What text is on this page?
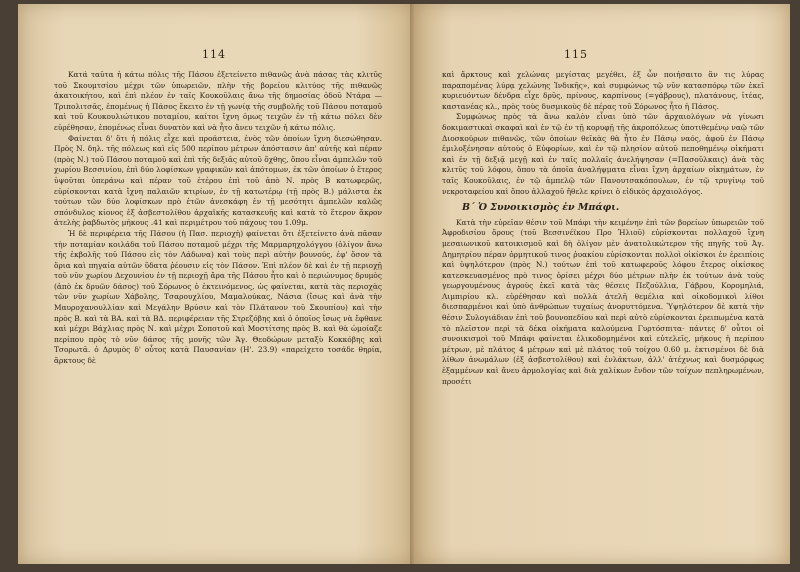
114

Κατά ταῦτα ἡ κάτω πόλις τῆς Πάσου ἐξετείνετο πιθανῶς ἀνὰ πάσας τὰς κλιτῦς τοῦ Σκουμτσίου μέχρι τῶν ὑπωρειῶν, πλὴν τῆς βορείου κλιτύος τῆς πιθανῶς ἀκατοικήτου, καὶ ἐπὶ πλέον ἐν ταῖς Κουκοῦλαις ἄνω τῆς δημοσίας ὁδοῦ Ντάρα — Τριπολιτσᾶς, ἐπομένως ἡ Πάσος ἔκειτο ἐν τῇ γωνίᾳ τῆς συμβολῆς τοῦ Πάσου ποταμοῦ καὶ τοῦ Κουκουλιώτικου ποταμίου, καίτοι ἴχνη ὁμως τειχῶν ἐν τῇ κάτω πόλει δὲν εὑρέθησαν, ἐπομένως εἶναι δυνατὸν καὶ νὰ ἦτο ἄνευ τειχῶν ἡ κάτω πόλις.

Φαίνεται δ' ὅτι ἡ πόλις εἶχε καὶ προάστεια, ἐνὸς τῶν ὁποίων ἴχνη διεσώθησαν. Πρὸς Ν. δηλ. τῆς πόλεως καὶ εἰς 500 περίπου μέτρων ἀπόστασιν ἀπ' αὐτῆς καὶ πέραν (πρὸς Ν.) τοῦ Πάσου ποταμοῦ καὶ ἐπὶ τῆς δεξιᾶς αὐτοῦ ὄχθης, ὅπου εἶναι ἀμπελῶν τοῦ χωρίου Βεσσινίου, ἐπὶ δύο λοφίσκων γραφικῶν καὶ ἀπότομων, ἐκ τῶν ὁποίων ὁ ἕτερος ὑψοῦται ὑπεράνω καὶ πέραν τοῦ ἑτέρου ἐπὶ τοῦ ἀπὸ Ν. πρὸς Β κατωφερῶς, εὑρίσκονται κατὰ ἴχνη παλαιῶν κτιρίων, ἐν τῇ κατωτέρῳ (τῇ πρὸς Β.) μάλιστα ἐκ τούτων τῶν δύο λοφίσκων πρὸ ἐτῶν ἀνεσκάφη ἐν τῇ μεσότητι ἀμπελῶν καλῶς σπόνδυλος κίονος ἐξ ἀσβεστολίθου ἀρχαϊκῆς κατασκευῆς καὶ κατὰ τὸ ἕτερον ἄκρον ἀτελὴς ῥαβδωτὸς μήκους .41 καὶ περιμέτρου τοῦ πάχους του 1.09μ.

Ἡ δὲ περιφέρεια τῆς Πάσου (ἡ Πασ. περιοχὴ) φαίνεται ὅτι ἐξετείνετο ἀνὰ πᾶσαν τὴν ποταμίαν κοιλάδα τοῦ Πάσου ποταμοῦ μέχρι τῆς Μαρμαρηχολόγγου (ὀλίγον ἄνω τῆς ἐκβολῆς τοῦ Πάσου εἰς τὸν Λάδωνα) καὶ τοὺς περὶ αὐτὴν βουνούς, ἐφ' ὅσον τὰ ὅρια καὶ πηγαία αὐτῶν ὕδατα ῥέουσιν εἰς τὸν Πάσον. Ἐπὶ πλέον δὲ καὶ ἐν τῇ περιοχῇ τοῦ νῦν χωρίου Δεχουνίου ἐν τῇ περιοχῇ ἄρα τῆς Πάσου ἦτο καὶ ὁ περιώνυμος δρυμὸς (ἀπὸ ἐκ δρυῶν δάσος) τοῦ Σόρωνος ὁ ἐκτεινόμενος, ὡς φαίνεται, κατὰ τὰς περιοχὰς τῶν νῦν χωρίων Χάβολης, Τσαρουχλίου, Μαμαλούκας, Νάσια (ἴσως καὶ ἀνὰ τὴν Μαυροχανουλλίαν καὶ Μεγάλην Βρύσιν καὶ τὸν Πλάτανον τοῦ Σκουπίου) καὶ τὴν πρὸς Β. καὶ τὰ ΒΑ. καὶ τὰ ΒΔ. περιφέρειαν τῆς Στρεζόβης καὶ ὁ ὁποῖος ἴσως νὰ ἔφθανε καὶ μέχρι Βάχλιας πρὸς Ν. καὶ μέχρι Σοποτοῦ καὶ Μοστίτσης πρὸς Β. καὶ θὰ ὡμοίαζε περίπου πρὸς τὸ νῦν δάσος τῆς μονῆς τῶν Ἀγ. Θεοδώρων μεταξὺ Κοκκόβης καὶ Τσορωτᾶ. ὁ Δρυμὸς δ' οὗτος κατὰ Παυσανίαν (Η'. 23.9) «παρείχετο τοσάδε θηρία, ἄρκτους δὲ

115

καὶ ἄρκτους καὶ χελώνας μεγίστας μεγέθει, ἐξ ὧν ποιήσαιτο ἂν τις λύρας παραπομένας λύρᾳ χελώνης Ἰνδικῆς», καὶ συμφώνως τῷ νῦν κατασπόρῳ τῶν ἐκεῖ κυριευόντων δένδρα εἶχε δρῦς, πρίνους, καρπίνους (=γάβρους), πλατάνους, ἰτέας, καστανέας κλ., πρὸς τοὺς δυσμικοὺς δὲ πέρας τοῦ Σόρωνος ἦτο ἡ Πάσος.

Συμφώνως πρὸς τὰ ἄνω καλὸν εἶναι ὑπὸ τῶν ἀρχαιολόγων νὰ γίνωσι δοκιμαστικαὶ σκαφαὶ καὶ ἐν τῷ ἐν τῇ κορυφῇ τῆς ἀκροπόλεως ὑποτιθεμένῳ ναῷ τῶν Διοσκούρων πιθανῶς, τῶν ὁποίων θεῖκὰς θὰ ἦτο ἐν Πάσῳ ναός, ἀφοῦ ἐν Πάσῳ ἐμιλοξένησαν αὐτοὺς ὁ Εὐφορίων, καὶ ἐν τῷ πλησίον αὐτοῦ πεποθημένῳ οἰκήματι καὶ ἐν τῇ δεξιᾷ μεγῇ καὶ ἐν ταῖς πολλαῖς ἀνελήψησαν (=Πασοῦλκαις) ἀνὰ τὰς κλιτῦς τοῦ λόφου, ὅπου τὰ ὁποῖα ἀναλήψματα εἶναι ἴχνη ἀρχαίων οἰκημάτων, ἐν ταῖς Κουκοῦλαις, ἐν τῷ ἀμπελῷ τῶν Πανουτσακόπουλων, ἐν τῷ τρυγίνῳ τοῦ νεκροταφείου καὶ ὅπου ἀλλαχοῦ ἤθελε κρίνει ὁ εἰδικὸς ἀρχαιολόγος.

Β΄ Ὁ Συνοικισμὸς ἐν Μπάφι.

Κατὰ τὴν εὐρεῖαν θέσιν τοῦ Μπάφι τὴν κειμένην ἐπὶ τῶν βορείων ὑπωρειῶν τοῦ Ἀφροδισίου ὄρους (τοῦ Βεσσινέϊκου Προ Ἡλιοῦ) εὑρίσκονται πολλαχοῦ ἴχνη μεσαιωνικοῦ κατοικισμοῦ καὶ δὴ ὀλίγον μὲν ἀνατολικώτερον τῆς πηγῆς τοῦ Ἀγ. Δημητρίου πέραν ὁρμητικοῦ τινος ῥυακίου εὑρίσκονται πολλοὶ οἰκίσκοι ἐν ἐρειπίοις καὶ ὑψηλότερον (πρὸς Ν.) τούτων ἐπὶ τοῦ κατωφεροῦς λόφου ἕτερος οἰκίσκος κατεσκευασμένος πρὸ τινος ὁρίσει μέχρι δύο μέτρων πλὴν ἐκ τούτων ἀνὰ τοὺς γεωργουμένους ἀγροὺς ἐκεῖ κατὰ τὰς θέσεις Πεζούλλια, Γάβρου, Κορομηλιά, Λιμπιρίου κλ. εὑρέθησαν καὶ πολλὰ ἀτελῆ θεμέλια καὶ οἰκοδομικοὶ λίθοι διεσπαρμένοι καὶ ὑπὸ ἀνθρώπων τυχαίως ἀνορυττόμενα. Ὑψηλότερον δὲ κατὰ τὴν θέσιν Συλογιάδιαν ἐπὶ τοῦ βουνοπεδίου καὶ περὶ αὐτὸ εὑρίσκονται ἐρειπωμένα κατὰ τὸ πλεῖστον περὶ τὰ δέκα οἰκήματα καλούμενα Γυρτόσπιτα· πάντες δ' οὗτοι οἱ συνοικισμοὶ τοῦ Μπάφι φαίνεται ἐλικοδομημένοι καὶ εὐτελεῖς, μήκους ἡ περίπου μέτρων, μὲ πλάτος 4 μέτρων καὶ μὲ πλάτος τοῦ τοίχου 0.60 μ. ἐκτισμένοι δὲ διὰ λίθων ἀνωμάλων (ἐξ ἀσβεστολίθου) καὶ ἐνλάκτων, ἀλλ' ἀτέχνως καὶ δυσμόρφως ἐξαμμένων καὶ ἄνευ ἀρμολογίας καὶ διὰ χαλίκων ἔνδον τῶν τοίχων πεπληρωμένων, προσέτι
